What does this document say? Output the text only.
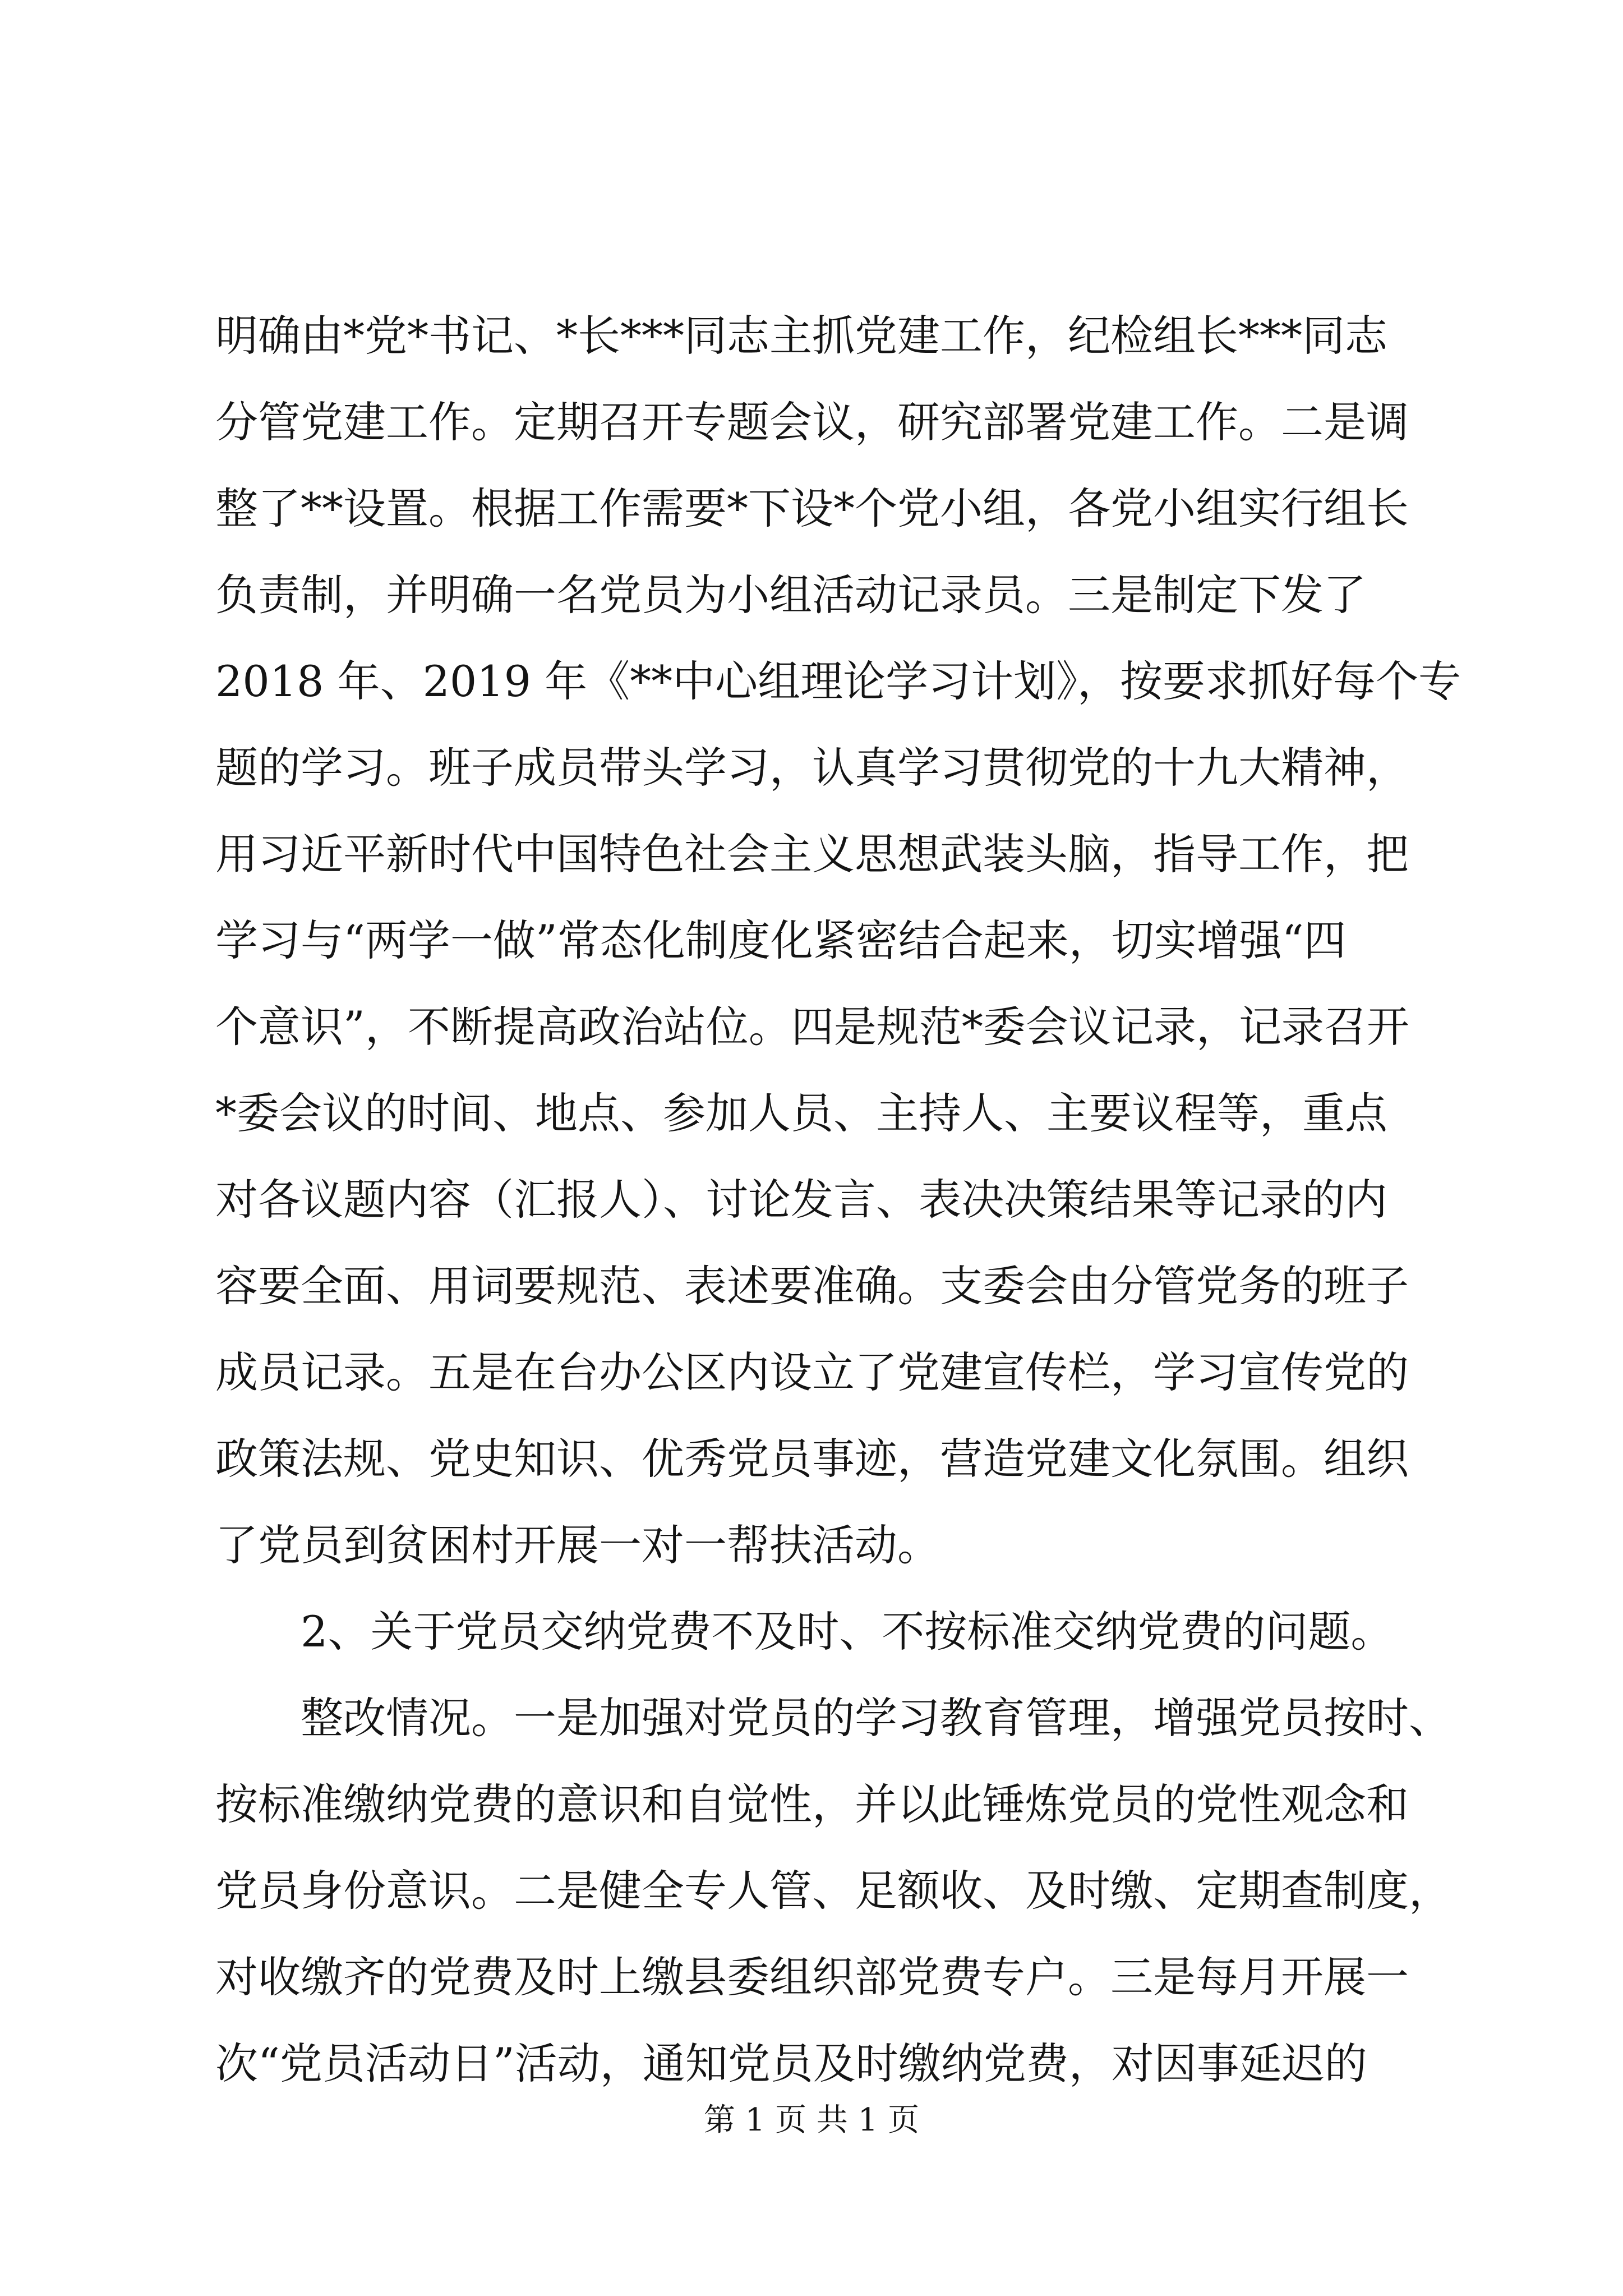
明确由*党*书记、*长***同志主抓党建工作，纪检组长***同志
分管党建工作。定期召开专题会议，研究部署党建工作。二是调
整了**设置。根据工作需要*下设*个党小组，各党小组实行组长
负责制，并明确一名党员为小组活动记录员。三是制定下发了
2018 年、2019 年《**中心组理论学习计划》，按要求抓好每个专
题的学习。班子成员带头学习，认真学习贯彻党的十九大精神，
用习近平新时代中国特色社会主义思想武装头脑，指导工作，把
学习与“两学一做”常态化制度化紧密结合起来，切实增强“四
个意识”，不断提高政治站位。四是规范*委会议记录，记录召开
*委会议的时间、地点、参加人员、主持人、主要议程等，重点
对各议题内容（汇报人）、讨论发言、表决决策结果等记录的内
容要全面、用词要规范、表述要准确。支委会由分管党务的班子
成员记录。五是在台办公区内设立了党建宣传栏，学习宣传党的
政策法规、党史知识、优秀党员事迹，营造党建文化氛围。组织
了党员到贫困村开展一对一帮扶活动。
2、关于党员交纳党费不及时、不按标准交纳党费的问题。
整改情况。一是加强对党员的学习教育管理，增强党员按时、
按标准缴纳党费的意识和自觉性，并以此锤炼党员的党性观念和
党员身份意识。二是健全专人管、足额收、及时缴、定期查制度，
对收缴齐的党费及时上缴县委组织部党费专户。三是每月开展一
次“党员活动日”活动，通知党员及时缴纳党费，对因事延迟的
第 1 页 共 1 页
